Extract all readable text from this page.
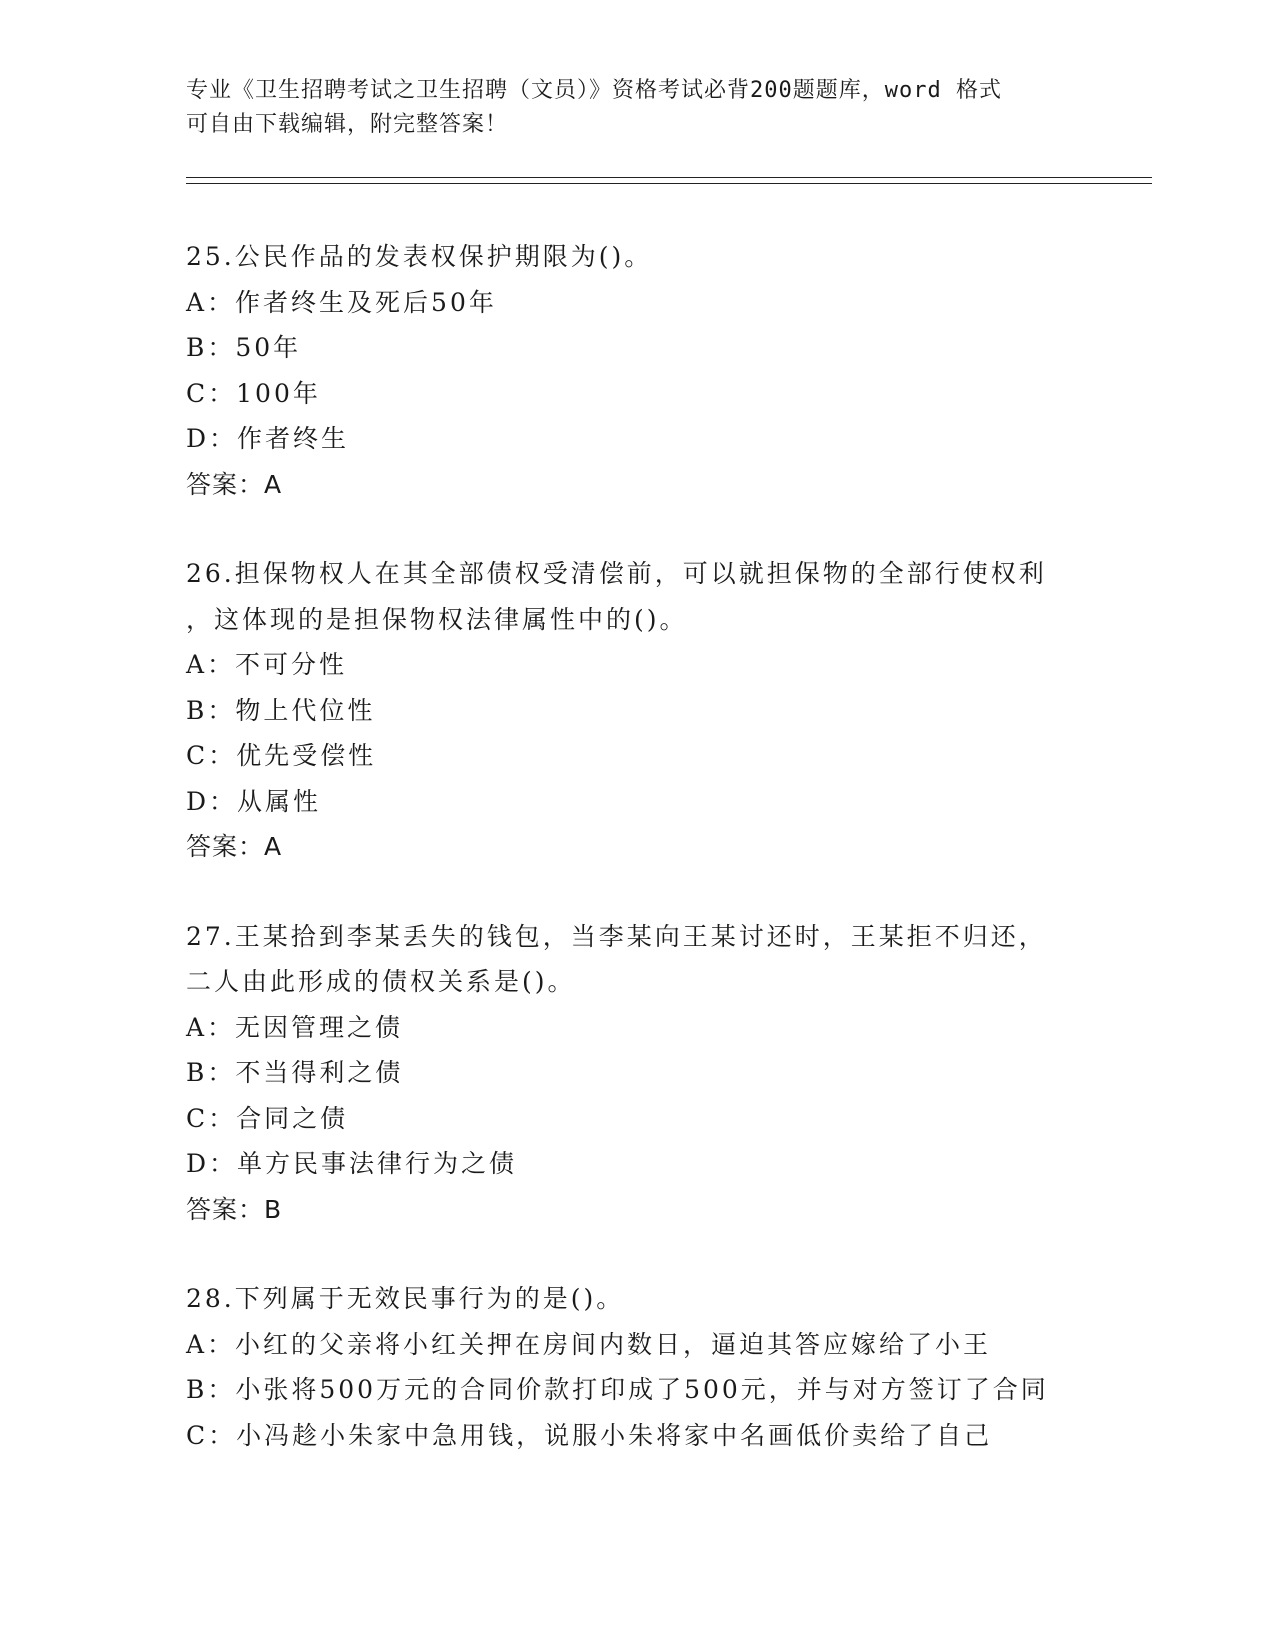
专业《卫生招聘考试之卫生招聘（文员）》资格考试必背200题题库，word 格式
可自由下载编辑，附完整答案！
25.公民作品的发表权保护期限为()。
A：作者终生及死后50年
B：50年
C：100年
D：作者终生
答案：A
26.担保物权人在其全部债权受清偿前，可以就担保物的全部行使权利
，这体现的是担保物权法律属性中的()。
A：不可分性
B：物上代位性
C：优先受偿性
D：从属性
答案：A
27.王某拾到李某丢失的钱包，当李某向王某讨还时，王某拒不归还，
二人由此形成的债权关系是()。
A：无因管理之债
B：不当得利之债
C：合同之债
D：单方民事法律行为之债
答案：B
28.下列属于无效民事行为的是()。
A：小红的父亲将小红关押在房间内数日，逼迫其答应嫁给了小王
B：小张将500万元的合同价款打印成了500元，并与对方签订了合同
C：小冯趁小朱家中急用钱，说服小朱将家中名画低价卖给了自己
